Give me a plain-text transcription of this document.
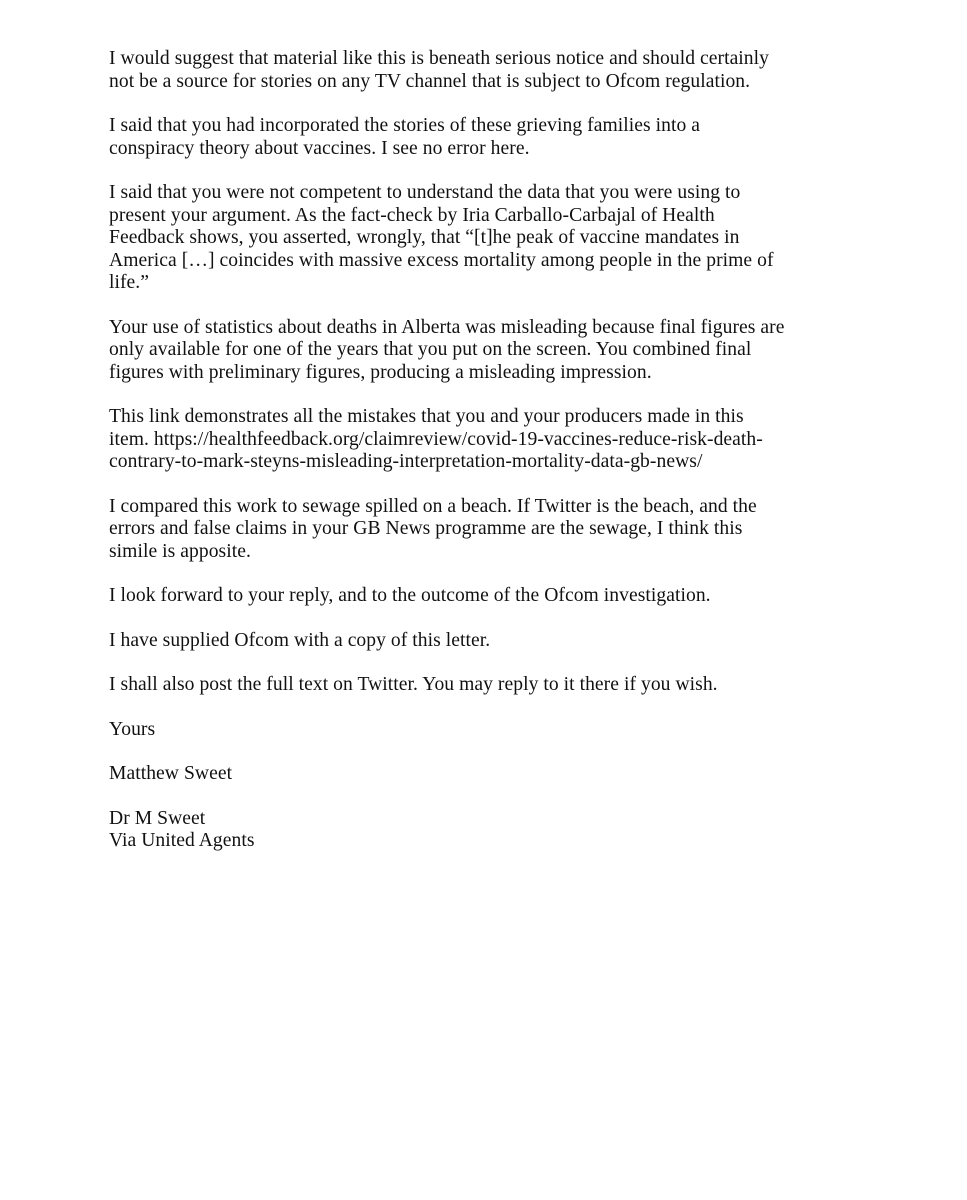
I would suggest that material like this is beneath serious notice and should certainly
not be a source for stories on any TV channel that is subject to Ofcom regulation.

I said that you had incorporated the stories of these grieving families into a
conspiracy theory about vaccines. I see no error here.

I said that you were not competent to understand the data that you were using to
present your argument. As the fact-check by Iria Carballo-Carbajal of Health
Feedback shows, you asserted, wrongly, that “[t]he peak of vaccine mandates in
America […] coincides with massive excess mortality among people in the prime of
life.”

Your use of statistics about deaths in Alberta was misleading because final figures are
only available for one of the years that you put on the screen. You combined final
figures with preliminary figures, producing a misleading impression.

This link demonstrates all the mistakes that you and your producers made in this
item. https://healthfeedback.org/claimreview/covid-19-vaccines-reduce-risk-death-
contrary-to-mark-steyns-misleading-interpretation-mortality-data-gb-news/

I compared this work to sewage spilled on a beach. If Twitter is the beach, and the
errors and false claims in your GB News programme are the sewage, I think this
simile is apposite.

I look forward to your reply, and to the outcome of the Ofcom investigation.

I have supplied Ofcom with a copy of this letter.

I shall also post the full text on Twitter. You may reply to it there if you wish.

Yours

Matthew Sweet

Dr M Sweet
Via United Agents
